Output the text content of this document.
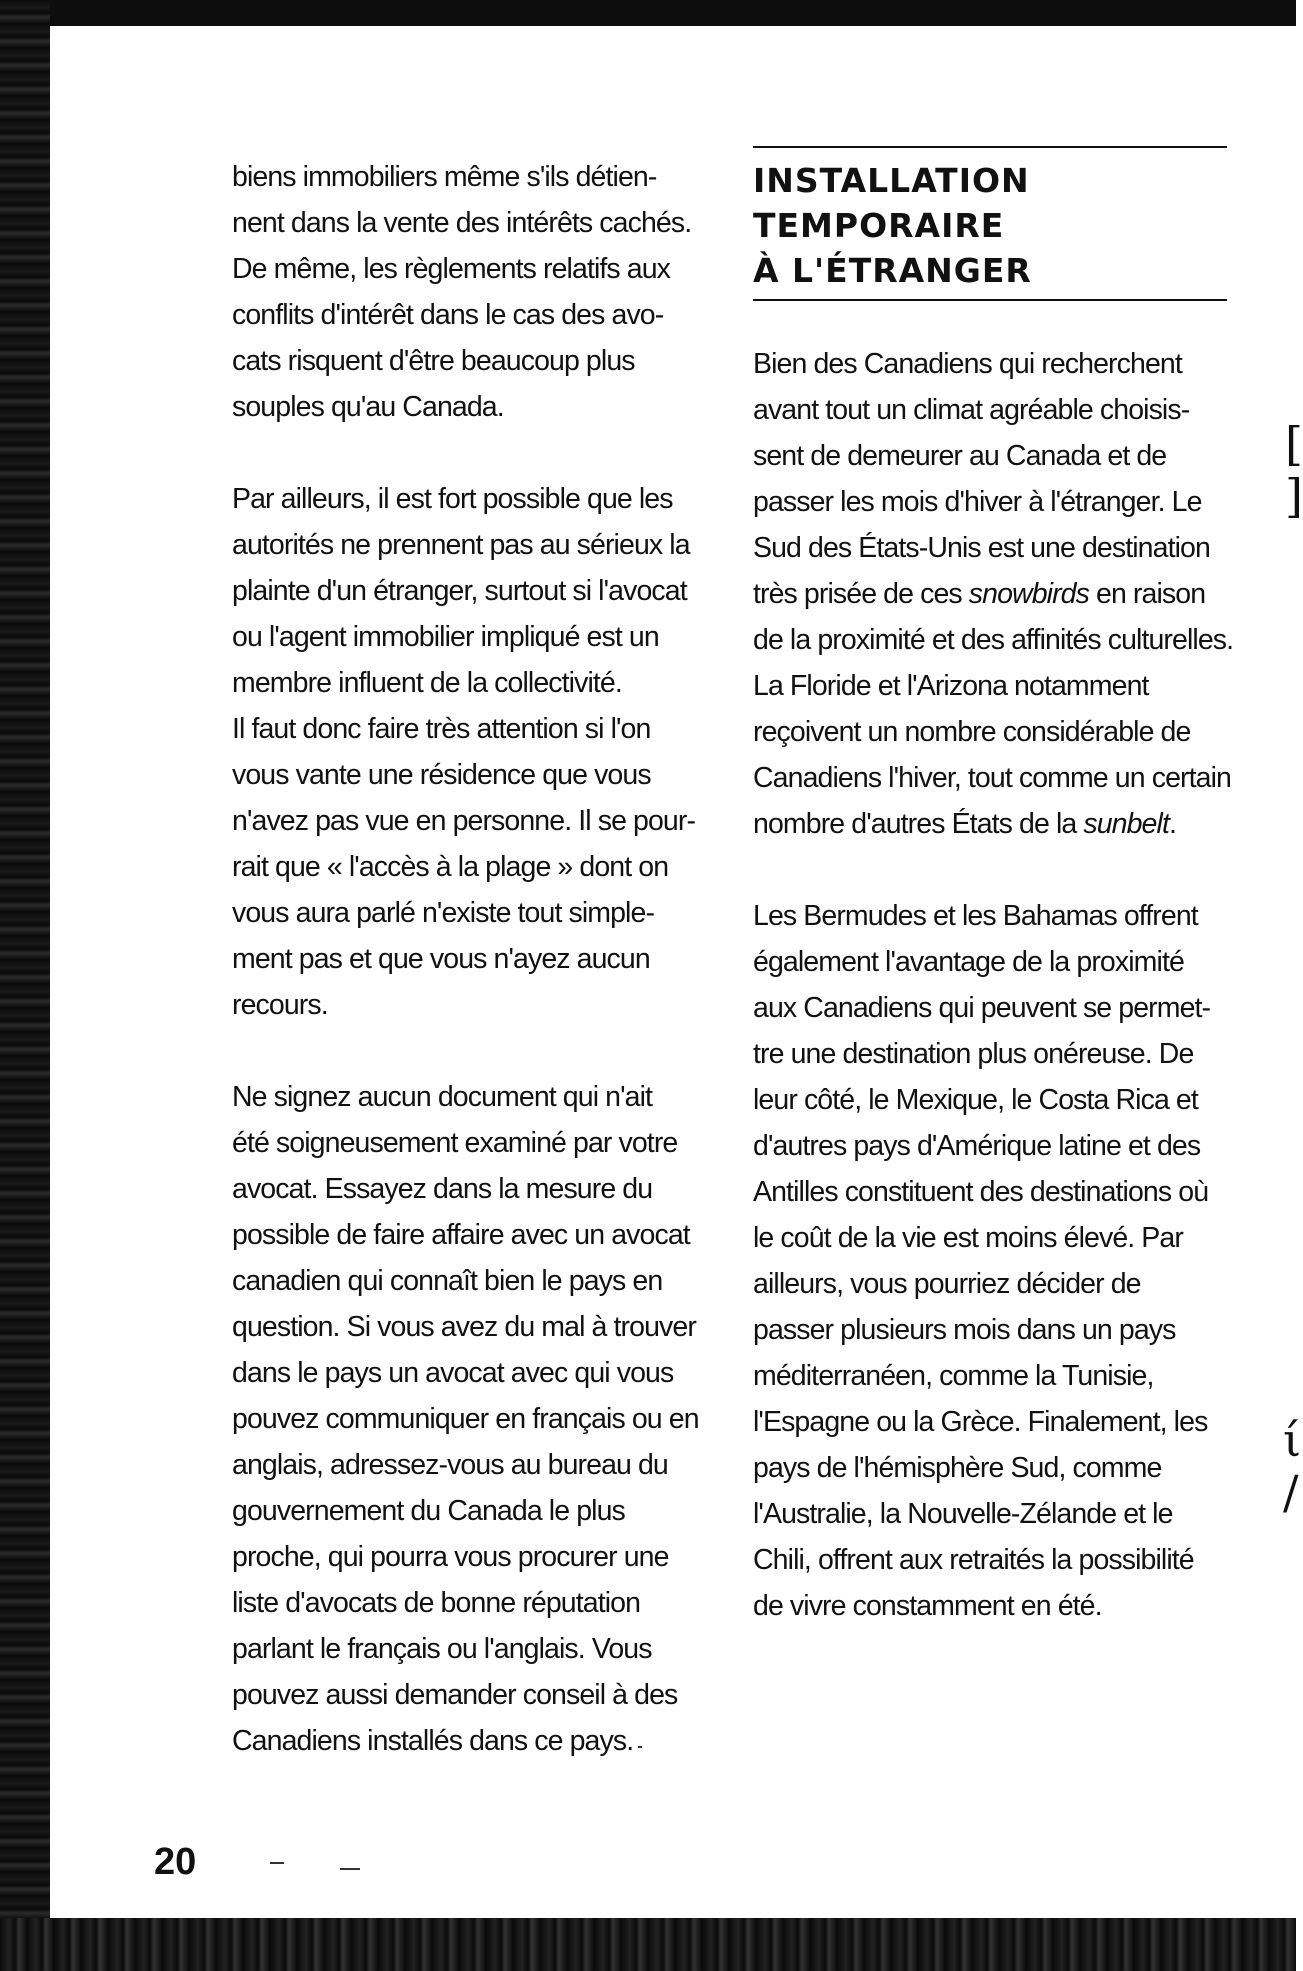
biens immobiliers même s'ils détien-
nent dans la vente des intérêts cachés.
De même, les règlements relatifs aux
conflits d'intérêt dans le cas des avo-
cats risquent d'être beaucoup plus
souples qu'au Canada.

Par ailleurs, il est fort possible que les
autorités ne prennent pas au sérieux la
plainte d'un étranger, surtout si l'avocat
ou l'agent immobilier impliqué est un
membre influent de la collectivité.
Il faut donc faire très attention si l'on
vous vante une résidence que vous
n'avez pas vue en personne. Il se pour-
rait que « l'accès à la plage » dont on
vous aura parlé n'existe tout simple-
ment pas et que vous n'ayez aucun
recours.

Ne signez aucun document qui n'ait
été soigneusement examiné par votre
avocat. Essayez dans la mesure du
possible de faire affaire avec un avocat
canadien qui connaît bien le pays en
question. Si vous avez du mal à trouver
dans le pays un avocat avec qui vous
pouvez communiquer en français ou en
anglais, adressez-vous au bureau du
gouvernement du Canada le plus
proche, qui pourra vous procurer une
liste d'avocats de bonne réputation
parlant le français ou l'anglais. Vous
pouvez aussi demander conseil à des
Canadiens installés dans ce pays.

INSTALLATION
TEMPORAIRE
À L'ÉTRANGER

Bien des Canadiens qui recherchent
avant tout un climat agréable choisis-
sent de demeurer au Canada et de
passer les mois d'hiver à l'étranger. Le
Sud des États-Unis est une destination
très prisée de ces snowbirds en raison
de la proximité et des affinités culturelles.
La Floride et l'Arizona notamment
reçoivent un nombre considérable de
Canadiens l'hiver, tout comme un certain
nombre d'autres États de la sunbelt.

Les Bermudes et les Bahamas offrent
également l'avantage de la proximité
aux Canadiens qui peuvent se permet-
tre une destination plus onéreuse. De
leur côté, le Mexique, le Costa Rica et
d'autres pays d'Amérique latine et des
Antilles constituent des destinations où
le coût de la vie est moins élevé. Par
ailleurs, vous pourriez décider de
passer plusieurs mois dans un pays
méditerranéen, comme la Tunisie,
l'Espagne ou la Grèce. Finalement, les
pays de l'hémisphère Sud, comme
l'Australie, la Nouvelle-Zélande et le
Chili, offrent aux retraités la possibilité
de vivre constamment en été.

[
]
ί
/
20
